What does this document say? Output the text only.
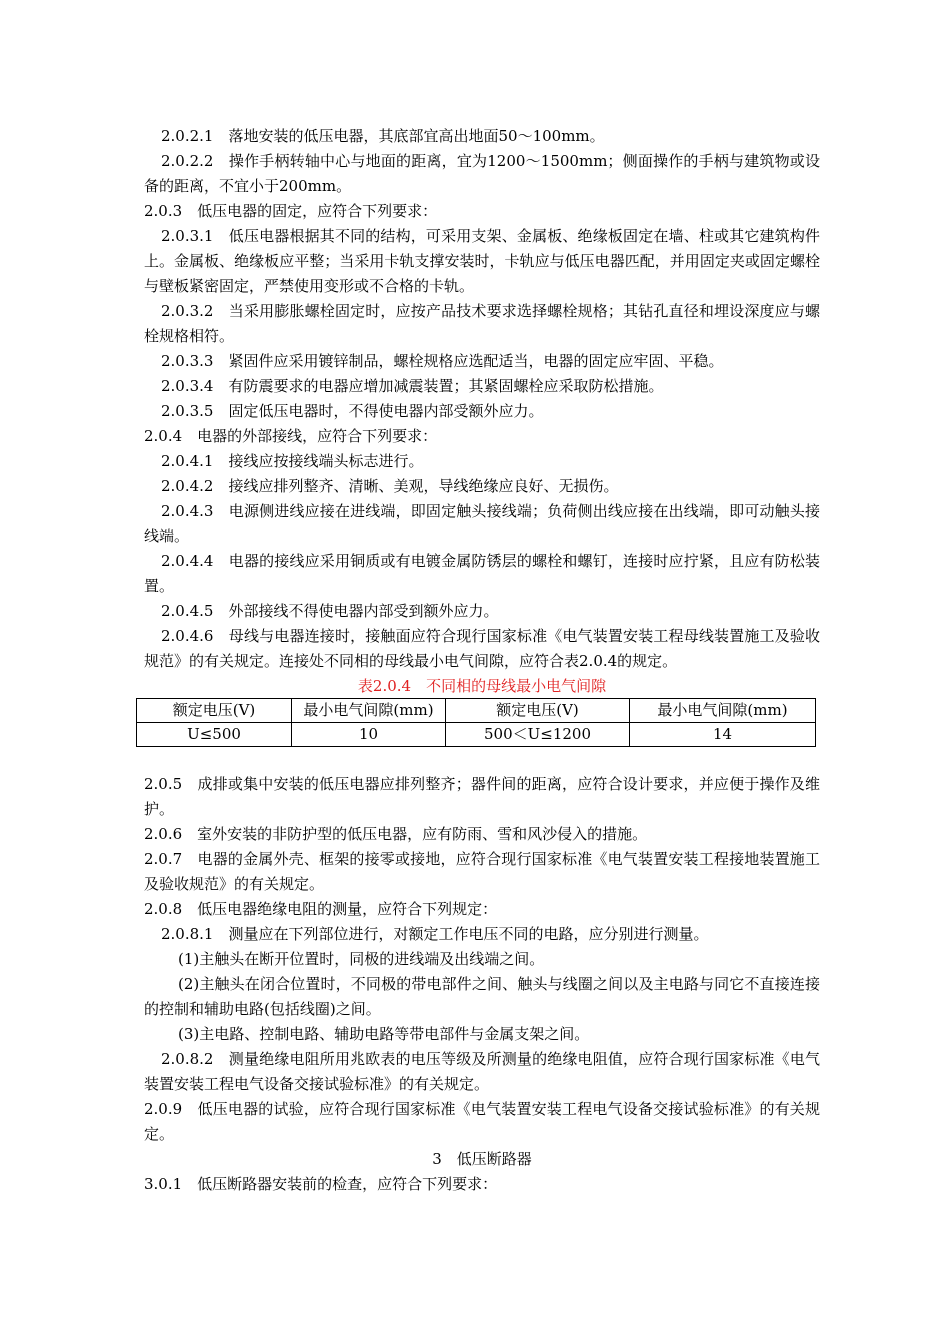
2.0.2.1　落地安装的低压电器，其底部宜高出地面50～100mm。

2.0.2.2　操作手柄转轴中心与地面的距离，宜为1200～1500mm；侧面操作的手柄与建筑物或设备的距离，不宜小于200mm。

2.0.3　低压电器的固定，应符合下列要求：

2.0.3.1　低压电器根据其不同的结构，可采用支架、金属板、绝缘板固定在墙、柱或其它建筑构件上。金属板、绝缘板应平整；当采用卡轨支撑安装时，卡轨应与低压电器匹配，并用固定夹或固定螺栓与壁板紧密固定，严禁使用变形或不合格的卡轨。

2.0.3.2　当采用膨胀螺栓固定时，应按产品技术要求选择螺栓规格；其钻孔直径和埋设深度应与螺栓规格相符。

2.0.3.3　紧固件应采用镀锌制品，螺栓规格应选配适当，电器的固定应牢固、平稳。

2.0.3.4　有防震要求的电器应增加减震装置；其紧固螺栓应采取防松措施。

2.0.3.5　固定低压电器时，不得使电器内部受额外应力。

2.0.4　电器的外部接线，应符合下列要求：

2.0.4.1　接线应按接线端头标志进行。

2.0.4.2　接线应排列整齐、清晰、美观，导线绝缘应良好、无损伤。

2.0.4.3　电源侧进线应接在进线端，即固定触头接线端；负荷侧出线应接在出线端，即可动触头接线端。

2.0.4.4　电器的接线应采用铜质或有电镀金属防锈层的螺栓和螺钉，连接时应拧紧，且应有防松装置。

2.0.4.5　外部接线不得使电器内部受到额外应力。

2.0.4.6　母线与电器连接时，接触面应符合现行国家标准《电气装置安装工程母线装置施工及验收规范》的有关规定。连接处不同相的母线最小电气间隙，应符合表2.0.4的规定。

表2.0.4　不同相的母线最小电气间隙

额定电压(V)	最小电气间隙(mm)	额定电压(V)	最小电气间隙(mm)
U≤500	10	500＜U≤1200	14

2.0.5　成排或集中安装的低压电器应排列整齐；器件间的距离，应符合设计要求，并应便于操作及维护。

2.0.6　室外安装的非防护型的低压电器，应有防雨、雪和风沙侵入的措施。

2.0.7　电器的金属外壳、框架的接零或接地，应符合现行国家标准《电气装置安装工程接地装置施工及验收规范》的有关规定。

2.0.8　低压电器绝缘电阻的测量，应符合下列规定：

2.0.8.1　测量应在下列部位进行，对额定工作电压不同的电路，应分别进行测量。

(1)主触头在断开位置时，同极的进线端及出线端之间。

(2)主触头在闭合位置时，不同极的带电部件之间、触头与线圈之间以及主电路与同它不直接连接的控制和辅助电路(包括线圈)之间。

(3)主电路、控制电路、辅助电路等带电部件与金属支架之间。

2.0.8.2　测量绝缘电阻所用兆欧表的电压等级及所测量的绝缘电阻值，应符合现行国家标准《电气装置安装工程电气设备交接试验标准》的有关规定。

2.0.9　低压电器的试验，应符合现行国家标准《电气装置安装工程电气设备交接试验标准》的有关规定。

3　低压断路器

3.0.1　低压断路器安装前的检查，应符合下列要求：
